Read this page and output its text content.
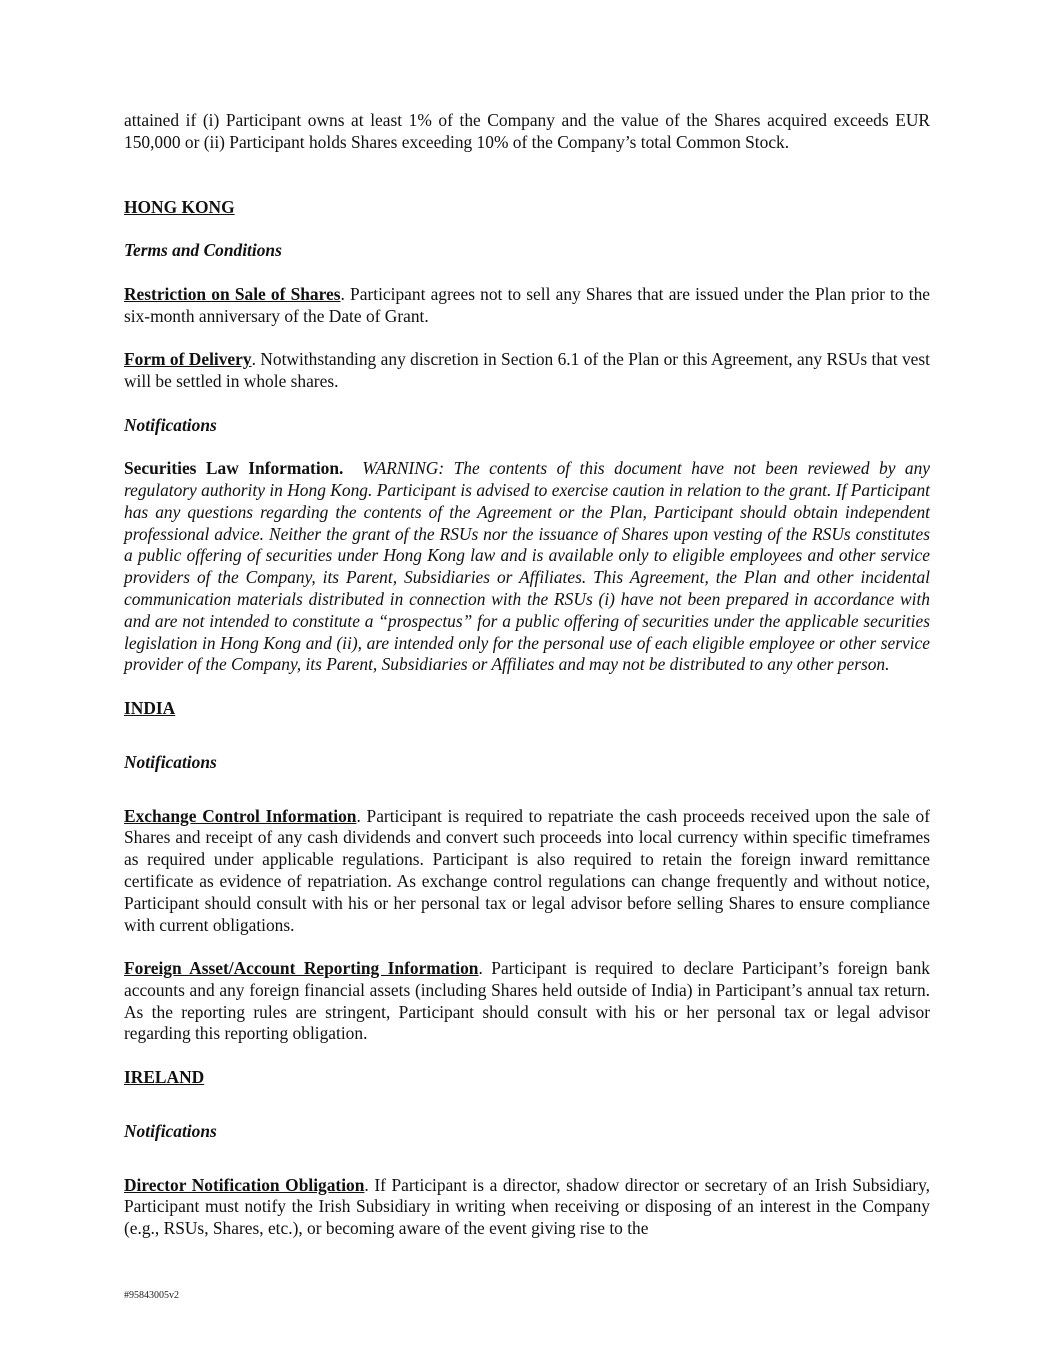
attained if (i) Participant owns at least 1% of the Company and the value of the Shares acquired exceeds EUR 150,000 or (ii) Participant holds Shares exceeding 10% of the Company’s total Common Stock.

HONG KONG

Terms and Conditions

Restriction on Sale of Shares. Participant agrees not to sell any Shares that are issued under the Plan prior to the six-month anniversary of the Date of Grant.

Form of Delivery. Notwithstanding any discretion in Section 6.1 of the Plan or this Agreement, any RSUs that vest will be settled in whole shares.

Notifications

Securities Law Information. WARNING: The contents of this document have not been reviewed by any regulatory authority in Hong Kong. Participant is advised to exercise caution in relation to the grant. If Participant has any questions regarding the contents of the Agreement or the Plan, Participant should obtain independent professional advice. Neither the grant of the RSUs nor the issuance of Shares upon vesting of the RSUs constitutes a public offering of securities under Hong Kong law and is available only to eligible employees and other service providers of the Company, its Parent, Subsidiaries or Affiliates. This Agreement, the Plan and other incidental communication materials distributed in connection with the RSUs (i) have not been prepared in accordance with and are not intended to constitute a “prospectus” for a public offering of securities under the applicable securities legislation in Hong Kong and (ii), are intended only for the personal use of each eligible employee or other service provider of the Company, its Parent, Subsidiaries or Affiliates and may not be distributed to any other person.

INDIA

Notifications

Exchange Control Information. Participant is required to repatriate the cash proceeds received upon the sale of Shares and receipt of any cash dividends and convert such proceeds into local currency within specific timeframes as required under applicable regulations. Participant is also required to retain the foreign inward remittance certificate as evidence of repatriation. As exchange control regulations can change frequently and without notice, Participant should consult with his or her personal tax or legal advisor before selling Shares to ensure compliance with current obligations.

Foreign Asset/Account Reporting Information. Participant is required to declare Participant’s foreign bank accounts and any foreign financial assets (including Shares held outside of India) in Participant’s annual tax return. As the reporting rules are stringent, Participant should consult with his or her personal tax or legal advisor regarding this reporting obligation.

IRELAND

Notifications

Director Notification Obligation. If Participant is a director, shadow director or secretary of an Irish Subsidiary, Participant must notify the Irish Subsidiary in writing when receiving or disposing of an interest in the Company (e.g., RSUs, Shares, etc.), or becoming aware of the event giving rise to the

#95843005v2
